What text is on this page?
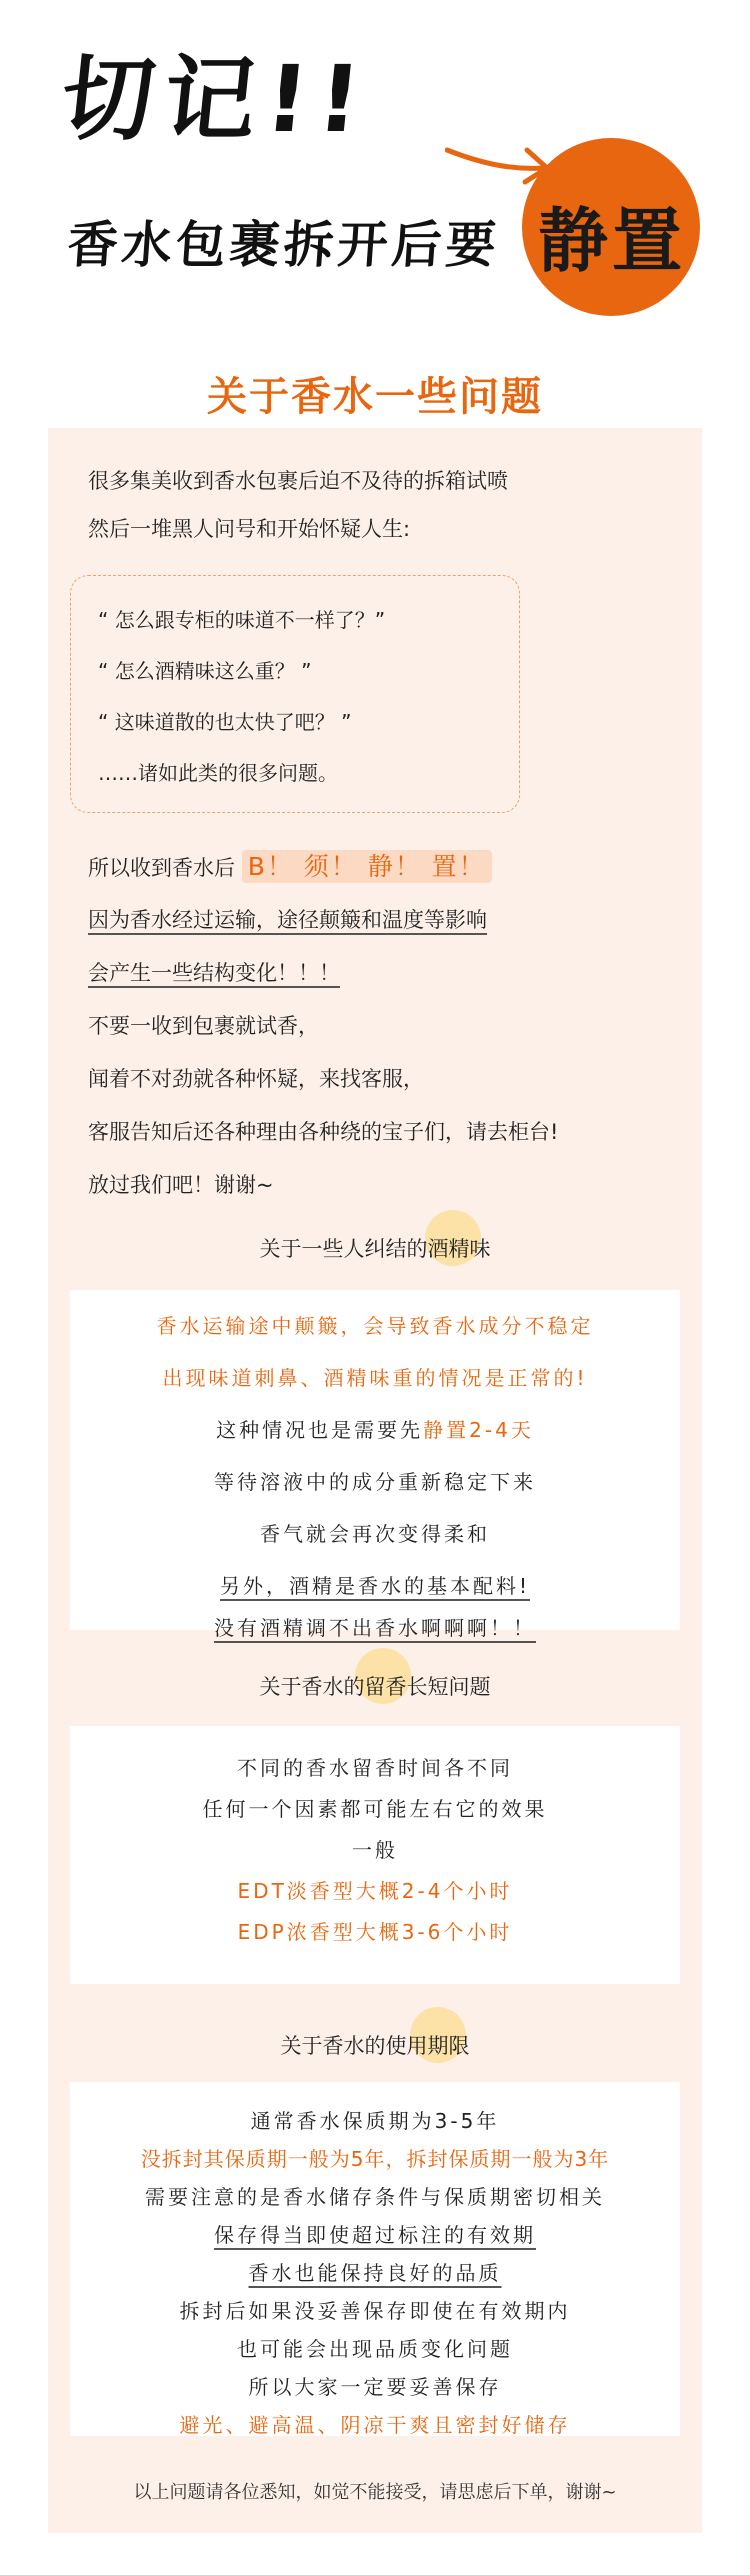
切记!!
香水包裹拆开后要 静置
关于香水一些问题
很多集美收到香水包裹后迫不及待的拆箱试喷
然后一堆黑人问号和开始怀疑人生:
“ 怎么跟专柜的味道不一样了？”
“ 怎么酒精味这么重？ ”
“ 这味道散的也太快了吧？ ”
……诸如此类的很多问题。
所以收到香水后 B！ 须！ 静！ 置！
因为香水经过运输，途径颠簸和温度等影响
会产生一些结构变化！！！
不要一收到包裹就试香，
闻着不对劲就各种怀疑，来找客服，
客服告知后还各种理由各种绕的宝子们，请去柜台!
放过我们吧！谢谢~
关于一些人纠结的酒精味
香水运输途中颠簸，会导致香水成分不稳定
出现味道刺鼻、酒精味重的情况是正常的!
这种情况也是需要先静置2-4天
等待溶液中的成分重新稳定下来
香气就会再次变得柔和
另外，酒精是香水的基本配料!
没有酒精调不出香水啊啊啊！！
关于香水的留香长短问题
不同的香水留香时间各不同
任何一个因素都可能左右它的效果
一般
EDT淡香型大概2-4个小时
EDP浓香型大概3-6个小时
关于香水的使用期限
通常香水保质期为3-5年
没拆封其保质期一般为5年，拆封保质期一般为3年
需要注意的是香水储存条件与保质期密切相关
保存得当即使超过标注的有效期
香水也能保持良好的品质
拆封后如果没妥善保存即使在有效期内
也可能会出现品质变化问题
所以大家一定要妥善保存
避光、避高温、阴凉干爽且密封好储存
以上问题请各位悉知，如觉不能接受，请思虑后下单，谢谢~
